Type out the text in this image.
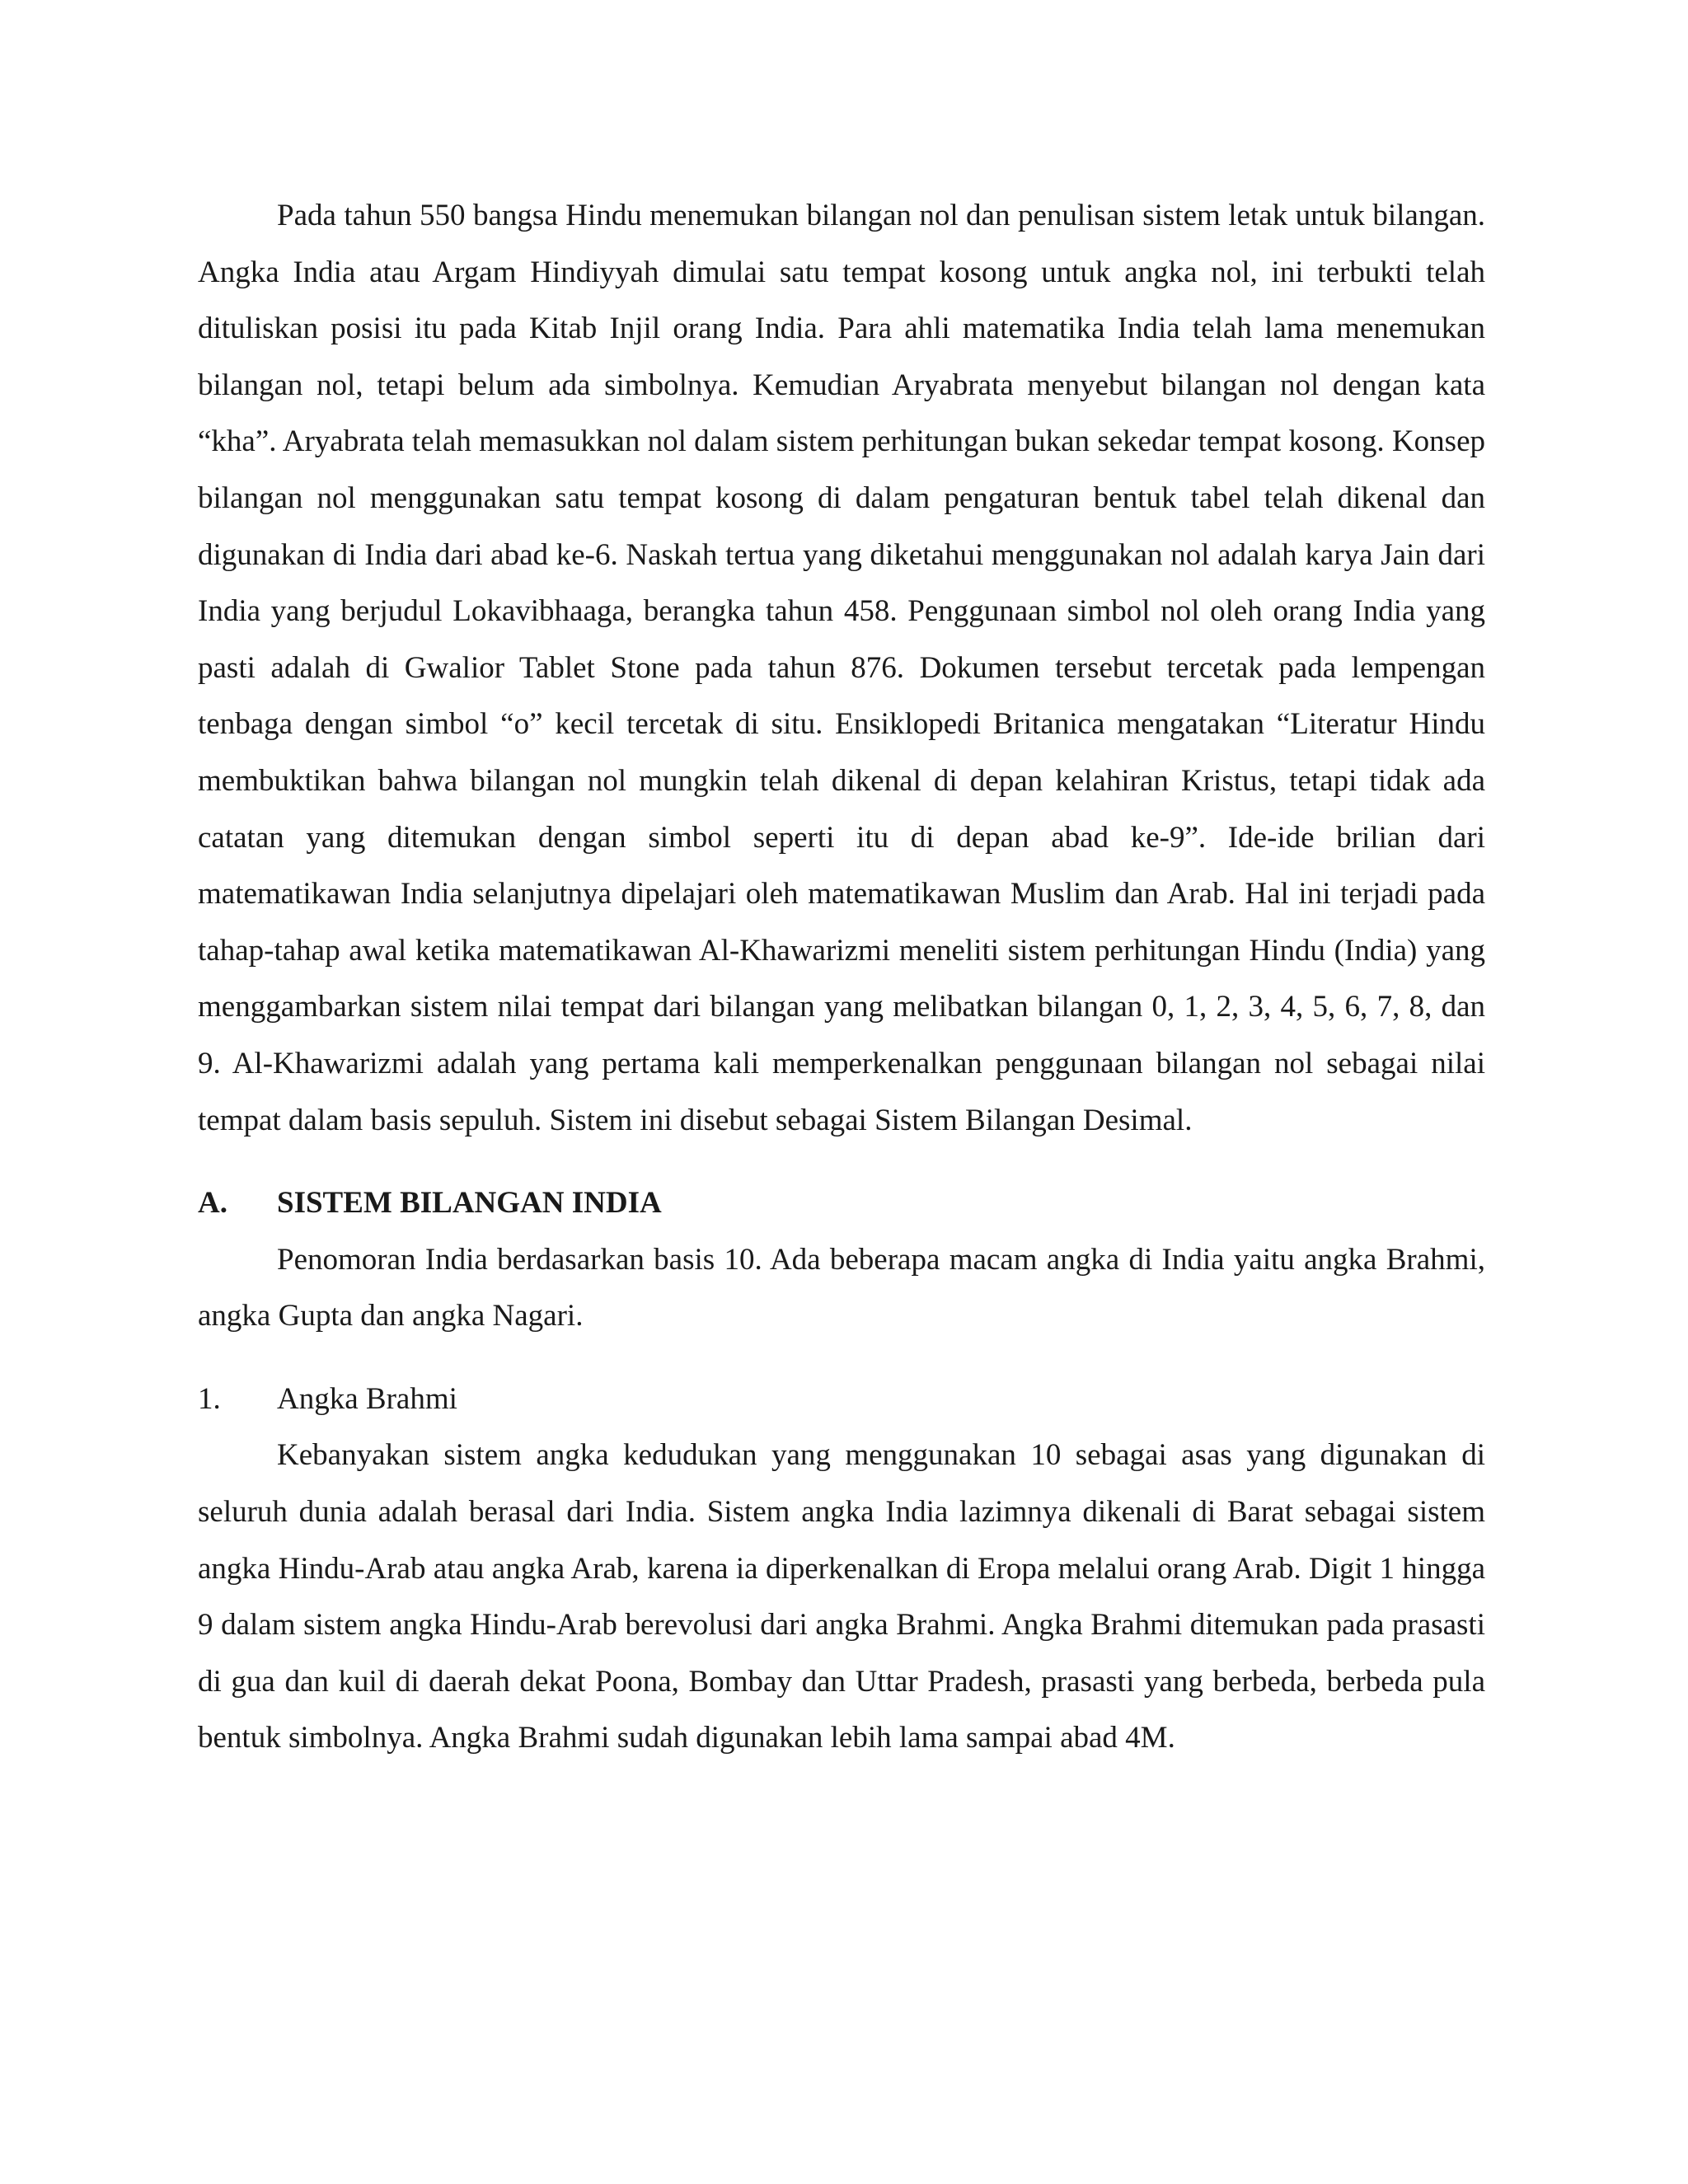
Pada tahun 550 bangsa Hindu menemukan bilangan nol dan penulisan sistem letak untuk bilangan. Angka India atau Argam Hindiyyah dimulai satu tempat kosong untuk angka nol, ini terbukti telah dituliskan posisi itu pada Kitab Injil orang India. Para ahli matematika India telah lama menemukan bilangan nol, tetapi belum ada simbolnya. Kemudian Aryabrata menyebut bilangan nol dengan kata “kha”. Aryabrata telah memasukkan nol dalam sistem perhitungan bukan sekedar tempat kosong. Konsep bilangan nol menggunakan satu tempat kosong di dalam pengaturan bentuk tabel telah dikenal dan digunakan di India dari abad ke-6. Naskah tertua yang diketahui menggunakan nol adalah karya Jain dari India yang berjudul Lokavibhaaga, berangka tahun 458. Penggunaan simbol nol oleh orang India yang pasti adalah di Gwalior Tablet Stone pada tahun 876. Dokumen tersebut tercetak pada lempengan tenbaga dengan simbol “o” kecil tercetak di situ. Ensiklopedi Britanica mengatakan “Literatur Hindu membuktikan bahwa bilangan nol mungkin telah dikenal di depan kelahiran Kristus, tetapi tidak ada catatan yang ditemukan dengan simbol seperti itu di depan abad ke-9”. Ide-ide brilian dari matematikawan India selanjutnya dipelajari oleh matematikawan Muslim dan Arab. Hal ini terjadi pada tahap-tahap awal ketika matematikawan Al-Khawarizmi meneliti sistem perhitungan Hindu (India) yang menggambarkan sistem nilai tempat dari bilangan yang melibatkan bilangan 0, 1, 2, 3, 4, 5, 6, 7, 8, dan 9. Al-Khawarizmi adalah yang pertama kali memperkenalkan penggunaan bilangan nol sebagai nilai tempat dalam basis sepuluh. Sistem ini disebut sebagai Sistem Bilangan Desimal.

A.	SISTEM BILANGAN INDIA

Penomoran India berdasarkan basis 10. Ada beberapa macam angka di India yaitu angka Brahmi, angka Gupta dan angka Nagari.

1.	Angka Brahmi

Kebanyakan sistem angka kedudukan yang menggunakan 10 sebagai asas yang digunakan di seluruh dunia adalah berasal dari India. Sistem angka India lazimnya dikenali di Barat sebagai sistem angka Hindu-Arab atau angka Arab, karena ia diperkenalkan di Eropa melalui orang Arab. Digit 1 hingga 9 dalam sistem angka Hindu-Arab berevolusi dari angka Brahmi. Angka Brahmi ditemukan pada prasasti di gua dan kuil di daerah dekat Poona, Bombay dan Uttar Pradesh, prasasti yang berbeda, berbeda pula bentuk simbolnya. Angka Brahmi sudah digunakan lebih lama sampai abad 4M.
